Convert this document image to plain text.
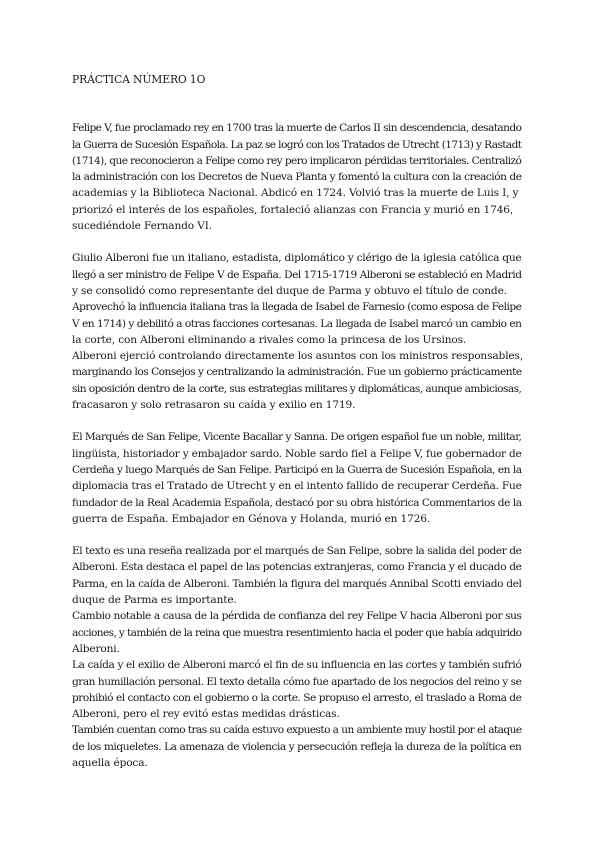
PRÁCTICA NÚMERO 1O
Felipe V, fue proclamado rey en 1700 tras la muerte de Carlos II sin descendencia, desatando
la Guerra de Sucesión Española. La paz se logró con los Tratados de Utrecht (1713) y Rastadt
(1714), que reconocieron a Felipe como rey pero implicaron pérdidas territoriales. Centralizó
la administración con los Decretos de Nueva Planta y fomentó la cultura con la creación de
academias y la Biblioteca Nacional. Abdicó en 1724. Volvió tras la muerte de Luis I, y
priorizó el interés de los españoles, fortaleció alianzas con Francia y murió en 1746,
sucediéndole Fernando VI.
Giulio Alberoni fue un italiano, estadista, diplomático y clérigo de la iglesia católica que
llegó a ser ministro de Felipe V de España. Del 1715-1719 Alberoni se estableció en Madrid
y se consolidó como representante del duque de Parma y obtuvo el título de conde.
Aprovechó la influencia italiana tras la llegada de Isabel de Farnesio (como esposa de Felipe
V en 1714) y debilitó a otras facciones cortesanas. La llegada de Isabel marcó un cambio en
la corte, con Alberoni eliminando a rivales como la princesa de los Ursinos.
Alberoni ejerció controlando directamente los asuntos con los ministros responsables,
marginando los Consejos y centralizando la administración. Fue un gobierno prácticamente
sin oposición dentro de la corte, sus estrategias militares y diplomáticas, aunque ambiciosas,
fracasaron y solo retrasaron su caída y exilio en 1719.
El Marqués de San Felipe, Vicente Bacallar y Sanna. De origen español fue un noble, militar,
lingüista, historiador y embajador sardo. Noble sardo fiel a Felipe V, fue gobernador de
Cerdeña y luego Marqués de San Felipe. Participó en la Guerra de Sucesión Española, en la
diplomacia tras el Tratado de Utrecht y en el intento fallido de recuperar Cerdeña. Fue
fundador de la Real Academia Española, destacó por su obra histórica Commentarios de la
guerra de España. Embajador en Génova y Holanda, murió en 1726.
El texto es una reseña realizada por el marqués de San Felipe, sobre la salida del poder de
Alberoni. Esta destaca el papel de las potencias extranjeras, como Francia y el ducado de
Parma, en la caída de Alberoni. También la figura del marqués Annibal Scotti enviado del
duque de Parma es importante.
Cambio notable a causa de la pérdida de confianza del rey Felipe V hacia Alberoni por sus
acciones, y también de la reina que muestra resentimiento hacia el poder que había adquirido
Alberoni.
La caída y el exilio de Alberoni marcó el fin de su influencia en las cortes y también sufrió
gran humillación personal. El texto detalla cómo fue apartado de los negocios del reino y se
prohibió el contacto con el gobierno o la corte. Se propuso el arresto, el traslado a Roma de
Alberoni, pero el rey evitó estas medidas drásticas.
También cuentan como tras su caída estuvo expuesto a un ambiente muy hostil por el ataque
de los miqueletes. La amenaza de violencia y persecución refleja la dureza de la política en
aquella época.
